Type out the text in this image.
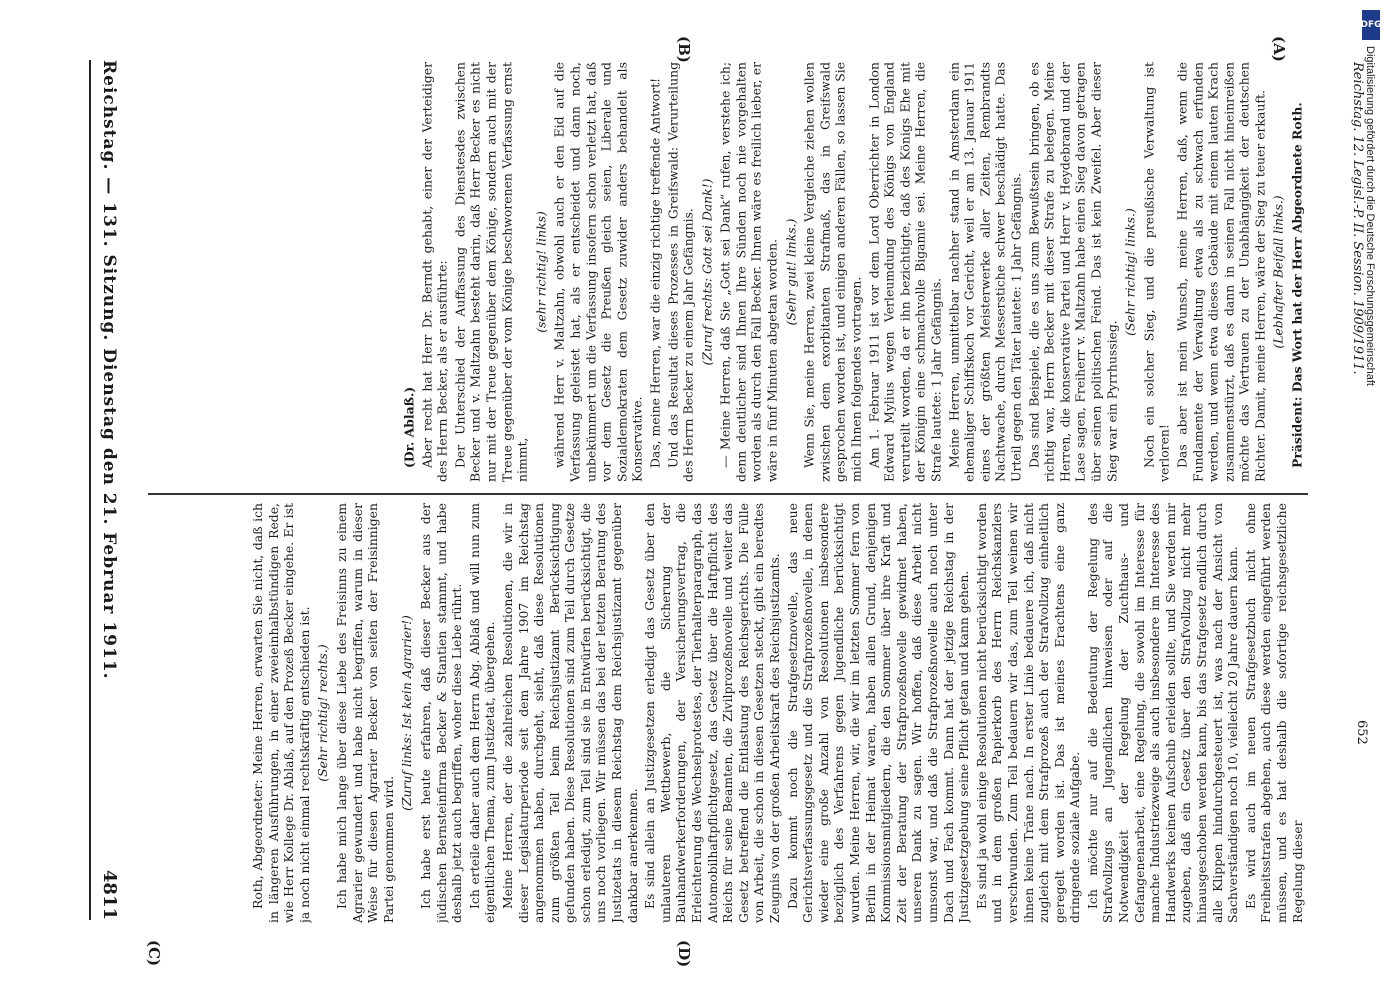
Reichstag. 12. Legisl.-P. II. Session. 1909/1911.
652
(A)
(B)
(C)	(D)

(Dr. Ablaß.) Aber recht hat Herr Dr. Berndt gehabt, einer der Verteidiger des Herrn Becker, als er ausführte: Der Unterschied der Auffassung des Dienstesdes zwischen Becker und v. Maltzahn besteht darin, daß Herr Becker es nicht nur mit der Treue gegenüber dem Könige, sondern auch mit der Treue gegenüber der vom Könige beschworenen Verfassung ernst nimmt,

(sehr richtig! links) während Herr v. Maltzahn, obwohl auch er den Eid auf die Verfassung geleistet hat, als er entscheidet und dann noch, unbekümmert um die Verfassung insofern schon verletzt hat, daß vor dem Gesetz die Preußen gleich seien, Liberale und Sozialdemokraten dem Gesetz zuwider anders behandelt als Konservative. Das, meine Herren, war die einzig richtige treffende Antwort! Und das Resultat dieses Prozesses in Greifswald: Verurteilung des Herrn Becker zu einem Jahr Gefängnis. (Zuruf rechts: Gott sei Dank!) — Meine Herren, daß Sie „Gott sei Dank“ rufen, verstehe ich; denn deutlicher sind Ihnen Ihre Sünden noch nie vorgehalten worden als durch den Fall Becker. Ihnen wäre es freilich lieber, er wäre in fünf Minuten abgetan worden. (Sehr gut! links.) Wenn Sie, meine Herren, zwei kleine Vergleiche ziehen wollen zwischen dem exorbitanten Strafmaß, das in Greifswald gesprochen worden ist, und einigen anderen Fällen, so lassen Sie mich Ihnen folgendes vortragen. Am 1. Februar 1911 ist vor dem Lord Oberrichter in London Edward Mylius wegen Verleumdung des Königs von England verurteilt worden, da er ihn bezichtigte, daß des Königs Ehe mit der Königin eine schmachvolle Bigamie sei. Meine Herren, die Strafe lautete: 1 Jahr Gefängnis. Meine Herren, unmittelbar nachher stand in Amsterdam ein ehemaliger Schiffskoch vor Gericht, weil er am 13. Januar 1911 eines der größten Meisterwerke aller Zeiten, Rembrandts Nachtwache, durch Messerstiche schwer beschädigt hatte. Das Urteil gegen den Täter lautete: 1 Jahr Gefängnis. Das sind Beispiele, die es uns zum Bewußtsein bringen, ob es richtig war, Herrn Becker mit dieser Strafe zu belegen. Meine Herren, die konservative Partei und Herr v. Heydebrand und der Lase sagen, Freiherr v. Maltzahn habe einen Sieg davon getragen über seinen politischen Feind. Das ist kein Zweifel. Aber dieser Sieg war ein Pyrrhussieg.

(Sehr richtig! links.) Noch ein solcher Sieg, und die preußische Verwaltung ist verloren! Das aber ist mein Wunsch, meine Herren, daß, wenn die Fundamente der Verwaltung etwa als zu schwach erfunden werden, und wenn etwa dieses Gebäude mit einem lauten Krach zusammenstürzt, daß es dann in seinen Fall nicht hineinreißen möchte das Vertrauen zu der Unabhängigkeit der deutschen Richter. Damit, meine Herren, wäre der Sieg zu teuer erkauft. (Lebhafter Beifall links.) Präsident: Das Wort hat der Herr Abgeordnete Roth.

Roth, Abgeordneter: Meine Herren, erwarten Sie nicht, daß ich in längeren Ausführungen, in einer zweieinhalbstündigen Rede, wie Herr Kollege Dr. Ablaß, auf den Prozeß Becker eingehe. Er ist ja noch nicht einmal rechtskräftig entschieden ist. (Sehr richtig! rechts.) Ich habe mich lange über diese Liebe des Freisinns zu einem Agrarier gewundert und habe nicht begriffen, warum in dieser Weise für diesen Agrarier Becker von seiten der Freisinnigen Partei genommen wird.

(Zuruf links: Ist kein Agrarier!) Ich habe erst heute erfahren, daß dieser Becker aus der jüdischen Bernsteinfirma Becker & Stantien stammt, und habe deshalb jetzt auch begriffen, woher diese Liebe rührt. Ich erteile daher auch dem Herrn Abg. Ablaß und will nun zum eigentlichen Thema, zum Justizetat, übergehen. Meine Herren, der die zahlreichen Resolutionen, die wir in dieser Legislaturperiode seit dem Jahre 1907 im Reichstag angenommen haben, durchgeht, sieht, daß diese Resolutionen zum größten Teil beim Reichsjustizamt Berücksichtigung gefunden haben. Diese Resolutionen sind zum Teil durch Gesetze schon erledigt, zum Teil sind sie in Entwürfen berücksichtigt, die uns noch vorliegen. Wir müssen das bei der letzten Beratung des Justizetats in diesem Reichstag dem Reichsjustizamt gegenüber dankbar anerkennen. Es sind allein an Justizgesetzen erledigt das Gesetz über den unlauteren Wettbewerb, die Sicherung der Bauhandwerkerforderungen, der Versicherungsvertrag, die Erleichterung des Wechselprotestes, der Tierhalterparagraph, das Automobilhaftpflichtgesetz, das Gesetz über die Haftpflicht des Reichs für seine Beamten, die Zivilprozeßnovelle und weiter das Gesetz betreffend die Entlastung des Reichsgerichts. Die Fülle von Arbeit, die schon in diesen Gesetzen steckt, gibt ein beredtes Zeugnis von der großen Arbeitskraft des Reichsjustizamts. Dazu kommt noch die Strafgesetznovelle, das neue Gerichtsverfassungsgesetz und die Strafprozeßnovelle, in denen wieder eine große Anzahl von Resolutionen insbesondere bezüglich des Verfahrens gegen Jugendliche berücksichtigt wurden. Meine Herren, wir, die wir im letzten Sommer fern von Berlin in der Heimat waren, haben allen Grund, denjenigen Kommissionsmitgliedern, die den Sommer über ihre Kraft und Zeit der Beratung der Strafprozeßnovelle gewidmet haben, unseren Dank zu sagen. Wir hoffen, daß diese Arbeit nicht umsonst war, und daß die Strafprozeßnovelle auch noch unter Dach und Fach kommt. Dann hat der jetzige Reichstag in der Justizgesetzgebung seine Pflicht getan und kann gehen. Es sind ja wohl einige Resolutionen nicht berücksichtigt worden und in dem großen Papierkorb des Herrn Reichskanzlers verschwunden. Zum Teil bedauern wir das, zum Teil weinen wir ihnen keine Träne nach. In erster Linie bedauere ich, daß nicht zugleich mit dem Strafprozeß auch der Strafvollzug einheitlich geregelt worden ist. Das ist meines Erachtens eine ganz dringende soziale Aufgabe. Ich möchte nur auf die Bedeutung der Regelung des Strafvollzugs an Jugendlichen hinweisen oder auf die Notwendigkeit der Regelung der Zuchthaus- und Gefangenenarbeit, eine Regelung, die sowohl im Interesse für manche Industriezweige als auch insbesondere im Interesse des Handwerks keinen Aufschub erleiden sollte, und Sie werden mir zugeben, daß ein Gesetz über den Strafvollzug nicht mehr hinausgeschoben werden kann, bis das Strafgesetz endlich durch alle Klippen hindurchgesteuert ist, was nach der Ansicht von Sachverständigen noch 10, vielleicht 20 Jahre dauern kann. Es wird auch im neuen Strafgesetzbuch nicht ohne Freiheitsstrafen abgehen, auch diese werden eingeführt werden müssen, und es hat deshalb die sofortige reichsgesetzliche Regelung dieser

Reichstag. — 131. Sitzung. Dienstag den 21. Februar 1911.
4811
DFG
Digitalisierung gefördert durch die Deutsche Forschungsgemeinschaft
